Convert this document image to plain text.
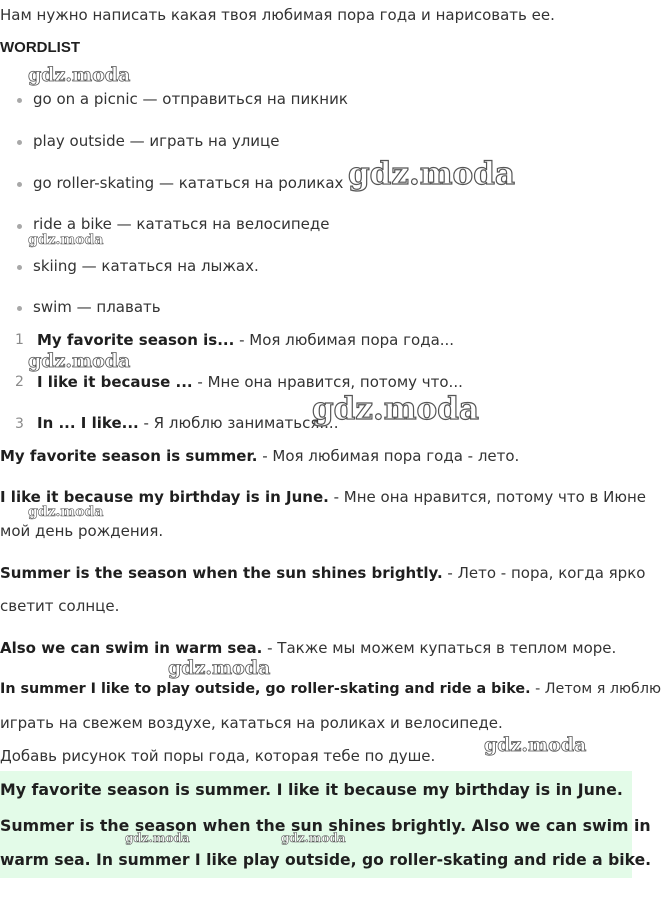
Нам нужно написать какая твоя любимая пора года и нарисовать ее.
WORDLIST
go on a picnic — отправиться на пикник
play outside — играть на улице
go roller-skating — кататься на роликах
ride a bike — кататься на велосипеде
skiing — кататься на лыжах.
swim — плавать
1 My favorite season is... - Моя любимая пора года...
2 I like it because ... - Мне она нравится, потому что...
3 In ... I like... - Я люблю заниматься....
My favorite season is summer. - Моя любимая пора года - лето.
I like it because my birthday is in June. - Мне она нравится, потому что в Июне
мой день рождения.
Summer is the season when the sun shines brightly. - Лето - пора, когда ярко
светит солнце.
Also we can swim in warm sea. - Также мы можем купаться в теплом море.
In summer I like to play outside, go roller-skating and ride a bike. - Летом я люблю
играть на свежем воздухе, кататься на роликах и велосипеде.
Добавь рисунок той поры года, которая тебе по душе.
My favorite season is summer. I like it because my birthday is in June.
Summer is the season when the sun shines brightly. Also we can swim in
warm sea. In summer I like play outside, go roller-skating and ride a bike.
gdz.moda
gdz.moda
gdz.moda
gdz.moda
gdz.moda
gdz.moda
gdz.moda
gdz.moda
gdz.moda	gdz.moda
